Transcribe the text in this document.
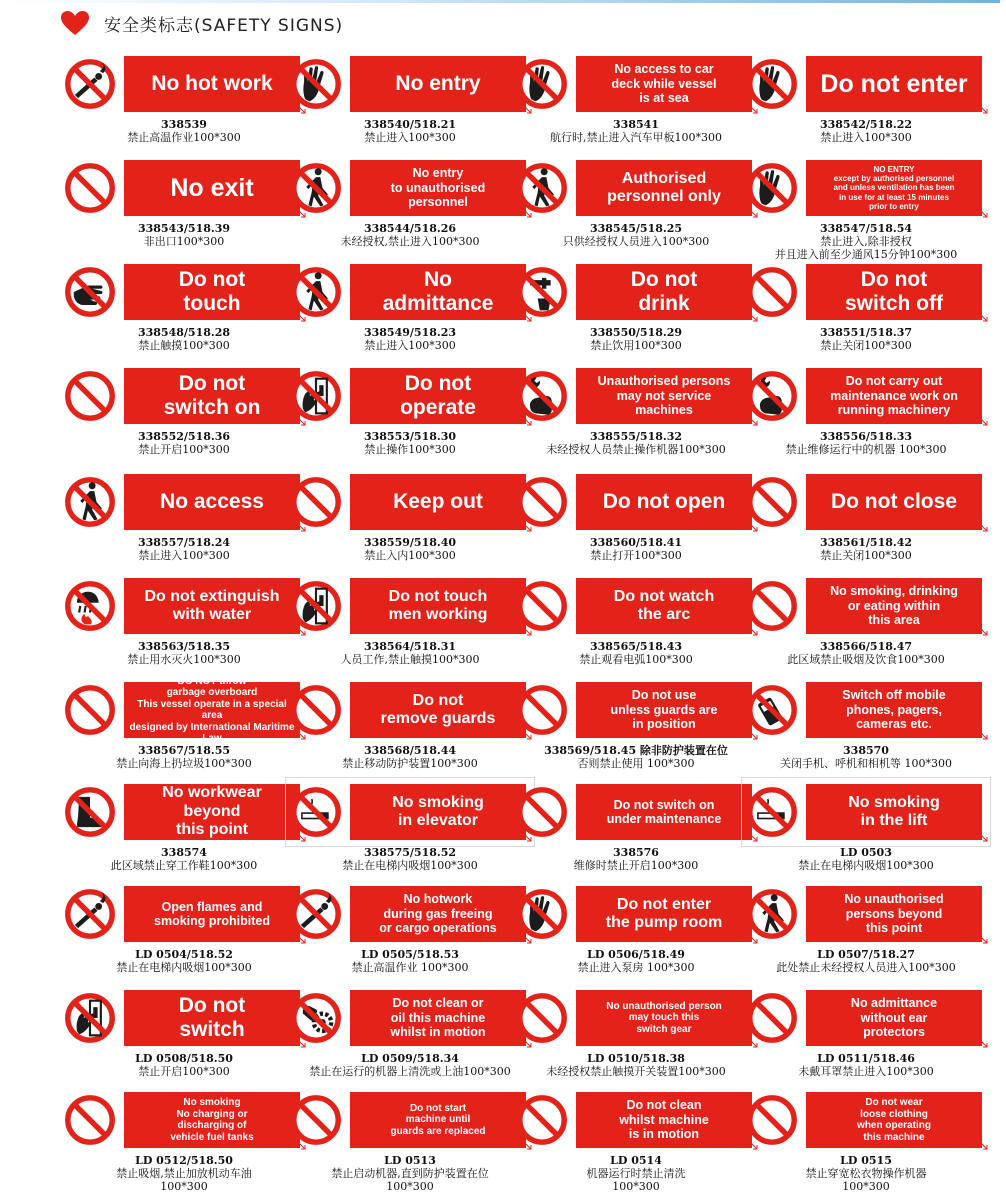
安全类标志(SAFETY SIGNS)
No hot work
338539
禁止高温作业100*300
No entry
338540/518.21
禁止进入100*300
No access to car
deck while vessel
is at sea
338541
航行时,禁止进入汽车甲板100*300
Do not enter
338542/518.22
禁止进入100*300
No exit
338543/518.39
非出口100*300
No entry
to unauthorised
personnel
338544/518.26
未经授权,禁止进入100*300
Authorised
personnel only
338545/518.25
只供经授权人员进入100*300
NO ENTRY
except by authorised personnel
and unless ventilation has been
in use for at least 15 minutes
prior to entry
338547/518.54
禁止进入,除非授权
并且进入前至少通风15分钟100*300
Do not
touch
338548/518.28
禁止触摸100*300
No
admittance
338549/518.23
禁止进入100*300
Do not
drink
338550/518.29
禁止饮用100*300
Do not
switch off
338551/518.37
禁止关闭100*300
Do not
switch on
338552/518.36
禁止开启100*300
Do not
operate
338553/518.30
禁止操作100*300
Unauthorised persons
may not service
machines
338555/518.32
未经授权人员禁止操作机器100*300
Do not carry out
maintenance work on
running machinery
338556/518.33
禁止维修运行中的机器 100*300
No access
338557/518.24
禁止进入100*300
Keep out
338559/518.40
禁止入内100*300
Do not open
338560/518.41
禁止打开100*300
Do not close
338561/518.42
禁止关闭100*300
Do not extinguish
with water
338563/518.35
禁止用水灭火100*300
Do not touch
men working
338564/518.31
人员工作,禁止触摸100*300
Do not watch
the arc
338565/518.43
禁止观看电弧100*300
No smoking, drinking
or eating within
this area
338566/518.47
此区域禁止吸烟及饮食100*300
DO NOT throw
garbage overboard
This vessel operate in a special area
designed by International Maritime Law
338567/518.55
禁止向海上扔垃圾100*300
Do not
remove guards
338568/518.44
禁止移动防护装置100*300
Do not use
unless guards are
in position
338569/518.45 除非防护装置在位
否则禁止使用 100*300
Switch off mobile
phones, pagers,
cameras etc.
338570
关闭手机、呼机和相机等 100*300
No workwear
beyond
this point
338574
此区域禁止穿工作鞋100*300
No smoking
in elevator
338575/518.52
禁止在电梯内吸烟100*300
Do not switch on
under maintenance
338576
维修时禁止开启100*300
No smoking
in the lift
LD 0503
禁止在电梯内吸烟100*300
Open flames and
smoking prohibited
LD 0504/518.52
禁止在电梯内吸烟100*300
No hotwork
during gas freeing
or cargo operations
LD 0505/518.53
禁止高温作业 100*300
Do not enter
the pump room
LD 0506/518.49
禁止进入泵房 100*300
No unauthorised
persons beyond
this point
LD 0507/518.27
此处禁止未经授权人员进入100*300
Do not
switch
LD 0508/518.50
禁止开启100*300
Do not clean or
oil this machine
whilst in motion
LD 0509/518.34
禁止在运行的机器上清洗或上油100*300
No unauthorised person
may touch this
switch gear
LD 0510/518.38
未经授权禁止触摸开关装置100*300
No admittance
without ear
protectors
LD 0511/518.46
未戴耳罩禁止进入100*300
No smoking
No charging or
discharging of
vehicle fuel tanks
LD 0512/518.50
禁止吸烟,禁止加放机动车油
100*300
Do not start
machine until
guards are replaced
LD 0513
禁止启动机器,直到防护装置在位
100*300
Do not clean
whilst machine
is in motion
LD 0514
机器运行时禁止清洗
100*300
Do not wear
loose clothing
when operating
this machine
LD 0515
禁止穿宽松衣物操作机器
100*300
